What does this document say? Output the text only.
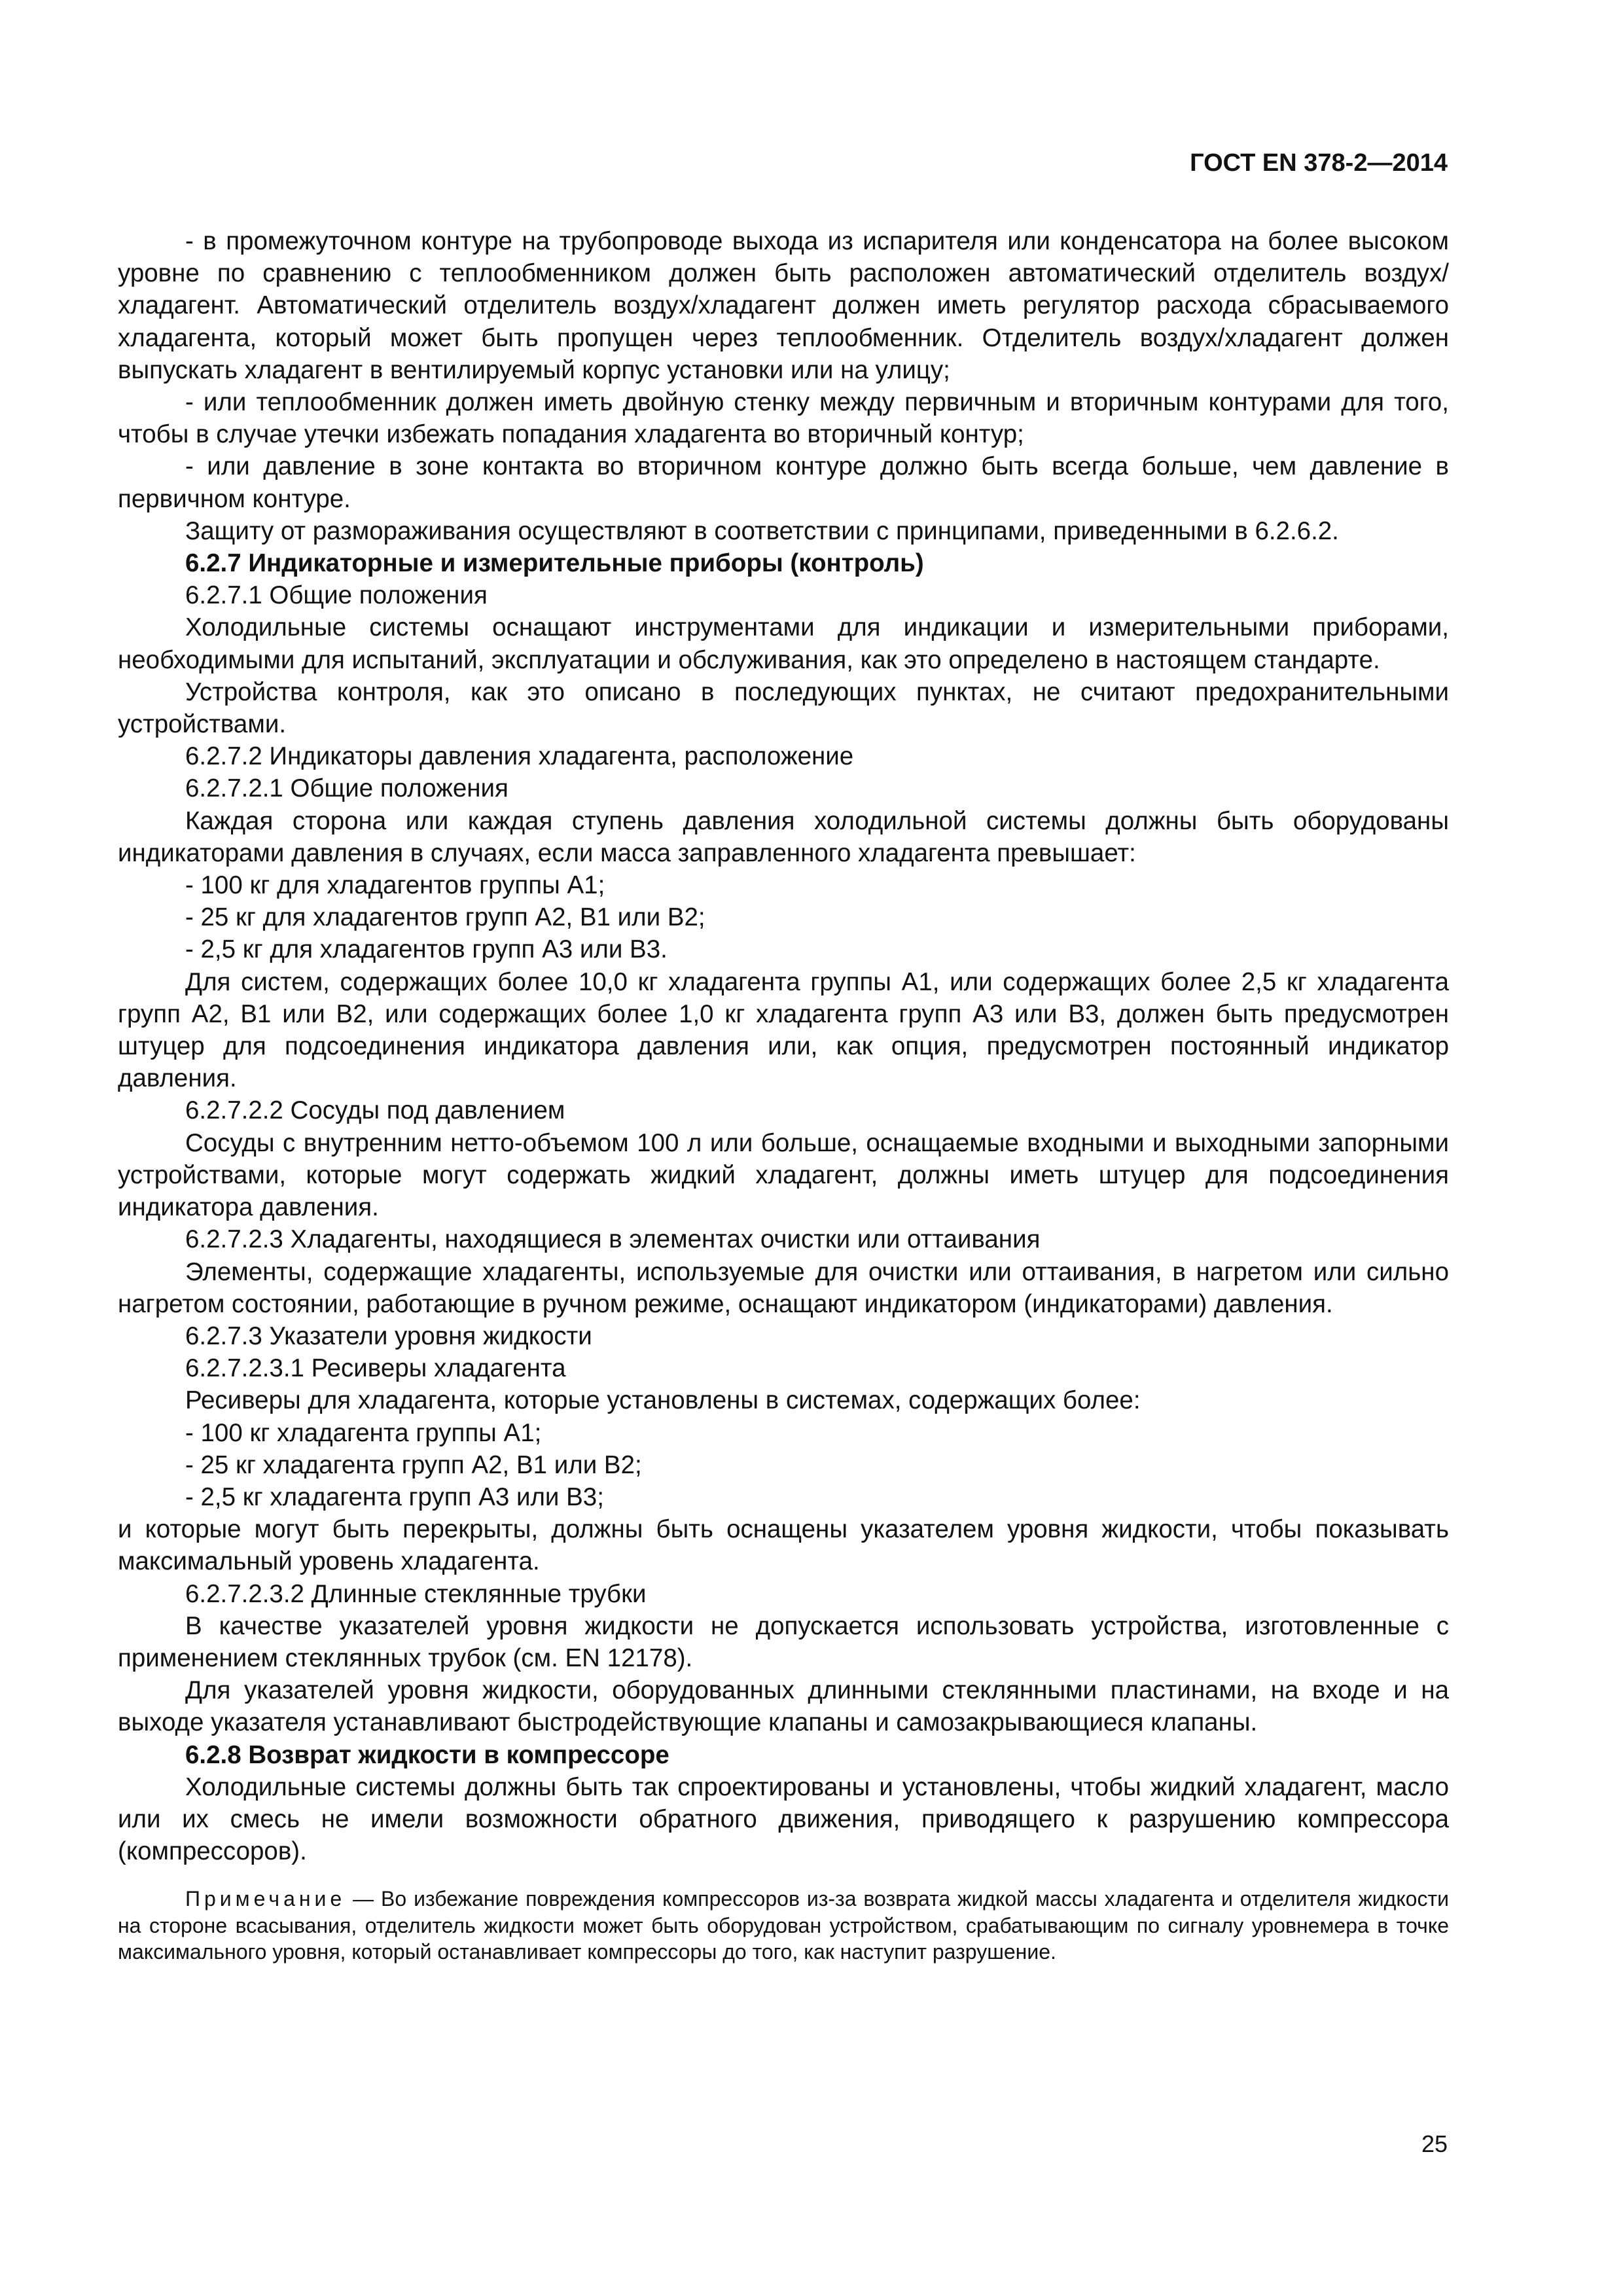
ГОСТ EN 378-2—2014

- в промежуточном контуре на трубопроводе выхода из испарителя или конденсатора на более высоком уровне по сравнению с теплообменником должен быть расположен автоматический отделитель воздух/хладагент. Автоматический отделитель воздух/хладагент должен иметь регулятор расхода сбрасываемого хладагента, который может быть пропущен через теплообменник. Отделитель воздух/хладагент должен выпускать хладагент в вентилируемый корпус установки или на улицу;

- или теплообменник должен иметь двойную стенку между первичным и вторичным контурами для того, чтобы в случае утечки избежать попадания хладагента во вторичный контур;

- или давление в зоне контакта во вторичном контуре должно быть всегда больше, чем давление в первичном контуре.

Защиту от размораживания осуществляют в соответствии с принципами, приведенными в 6.2.6.2.

6.2.7 Индикаторные и измерительные приборы (контроль)

6.2.7.1 Общие положения

Холодильные системы оснащают инструментами для индикации и измерительными приборами, необходимыми для испытаний, эксплуатации и обслуживания, как это определено в настоящем стандарте.

Устройства контроля, как это описано в последующих пунктах, не считают предохранительными устройствами.

6.2.7.2 Индикаторы давления хладагента, расположение

6.2.7.2.1 Общие положения

Каждая сторона или каждая ступень давления холодильной системы должны быть оборудованы индикаторами давления в случаях, если масса заправленного хладагента превышает:

- 100 кг для хладагентов группы А1;

- 25 кг для хладагентов групп А2, В1 или В2;

- 2,5 кг для хладагентов групп А3 или В3.

Для систем, содержащих более 10,0 кг хладагента группы А1, или содержащих более 2,5 кг хладагента групп А2, В1 или В2, или содержащих более 1,0 кг хладагента групп А3 или В3, должен быть предусмотрен штуцер для подсоединения индикатора давления или, как опция, предусмотрен постоянный индикатор давления.

6.2.7.2.2 Сосуды под давлением

Сосуды с внутренним нетто-объемом 100 л или больше, оснащаемые входными и выходными запорными устройствами, которые могут содержать жидкий хладагент, должны иметь штуцер для подсоединения индикатора давления.

6.2.7.2.3 Хладагенты, находящиеся в элементах очистки или оттаивания

Элементы, содержащие хладагенты, используемые для очистки или оттаивания, в нагретом или сильно нагретом состоянии, работающие в ручном режиме, оснащают индикатором (индикаторами) давления.

6.2.7.3 Указатели уровня жидкости

6.2.7.2.3.1 Ресиверы хладагента

Ресиверы для хладагента, которые установлены в системах, содержащих более:

- 100 кг хладагента группы А1;

- 25 кг хладагента групп А2, В1 или В2;

- 2,5 кг хладагента групп А3 или В3;

и которые могут быть перекрыты, должны быть оснащены указателем уровня жидкости, чтобы показывать максимальный уровень хладагента.

6.2.7.2.3.2 Длинные стеклянные трубки

В качестве указателей уровня жидкости не допускается использовать устройства, изготовленные с применением стеклянных трубок (см. EN 12178).

Для указателей уровня жидкости, оборудованных длинными стеклянными пластинами, на входе и на выходе указателя устанавливают быстродействующие клапаны и самозакрывающиеся клапаны.

6.2.8 Возврат жидкости в компрессоре

Холодильные системы должны быть так спроектированы и установлены, чтобы жидкий хладагент, масло или их смесь не имели возможности обратного движения, приводящего к разрушению компрессора (компрессоров).

Примечание — Во избежание повреждения компрессоров из-за возврата жидкой массы хладагента и отделителя жидкости на стороне всасывания, отделитель жидкости может быть оборудован устройством, срабатывающим по сигналу уровнемера в точке максимального уровня, который останавливает компрессоры до того, как наступит разрушение.

25
